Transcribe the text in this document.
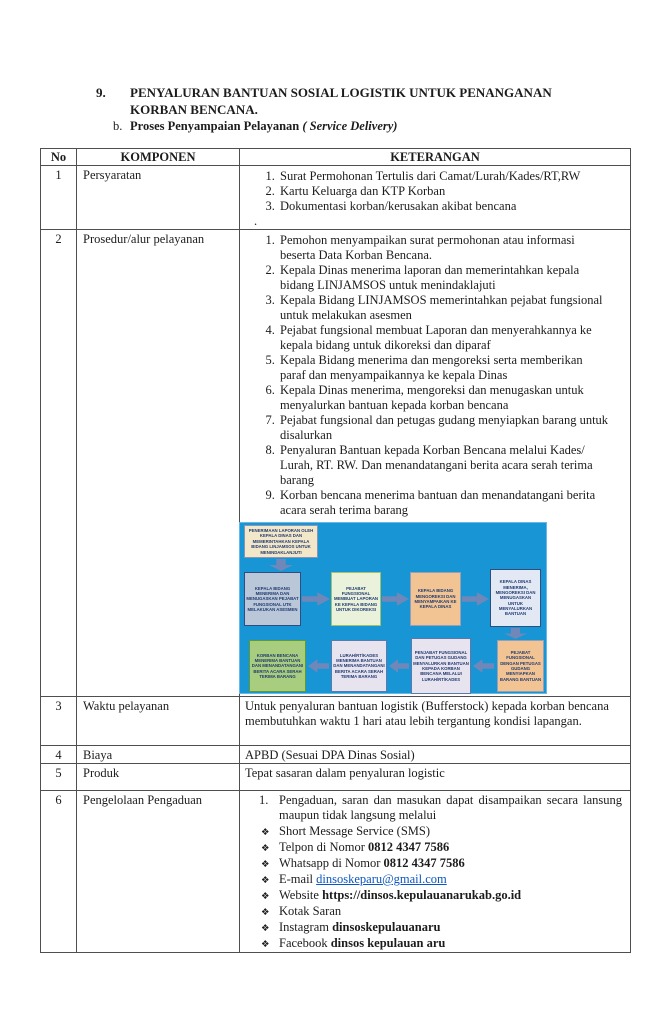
9.	PENYALURAN BANTUAN SOSIAL LOGISTIK UNTUK PENANGANAN
KORBAN BENCANA.
b. Proses Penyampaian Pelayanan ( Service Delivery)
No	KOMPONEN	KETERANGAN
1	Persyaratan	
1.Surat Permohonan Tertulis dari Camat/Lurah/Kades/RT,RW
2. Kartu Keluarga dan KTP Korban
3. Dokumentasi korban/kerusakan akibat bencana
.

2	Prosedur/alur pelayanan	
1.Pemohon menyampaikan surat permohonan atau informasi beserta Data Korban Bencana.
2. Kepala Dinas menerima laporan dan memerintahkan kepala bidang LINJAMSOS untuk menindaklajuti
3. Kepala Bidang LINJAMSOS memerintahkan pejabat fungsional untuk melakukan asesmen
4. Pejabat fungsional membuat Laporan dan menyerahkannya ke kepala bidang untuk dikoreksi dan diparaf
5. Kepala Bidang menerima dan mengoreksi serta memberikan paraf dan menyampaikannya ke kepala Dinas
6. Kepala Dinas menerima, mengoreksi dan menugaskan untuk menyalurkan bantuan kepada korban bencana
7. Pejabat fungsional dan petugas gudang menyiapkan barang untuk disalurkan
8. Penyaluran Bantuan kepada Korban Bencana melalui Kades/ Lurah, RT. RW. Dan menandatangani berita acara serah terima barang
9. Korban bencana menerima bantuan dan menandatangani berita acara serah terima barang
PENERIMAAN LAPORAN OLEH KEPALA DINAS DAN MEMERINTAHKAN KEPALA BIDANG LINJAMSOS UNTUK MENINDAKLANJUTI
KEPALA BIDANG MENERIMA DAN MENUGASKAN PEJABAT FUNGSIONAL UTK MELAKUKAN ASESMEN
PEJABAT FUNGSIONAL MEMBUAT LAPORAN KE KEPALA BIDANG UNTUK DIKOREKSI
KEPALA BIDANG MENGOREKSI DAN MENYAMPAIKAN KE KEPALA DINAS
KEPALA DINAS MENERIMA, MENGOREKSI DAN MENUGASKAN UNTUK MENYALURKAN BANTUAN
KORBAN BENCANA MENERIMA BANTUAN DAN MENANDATANGANI BERITA ACARA SERAH TERIMA BARANG
LURAH/RT/KADES MENERIMA BANTUAN DAN MENANDATANGANI BERITA ACARA SERAH TERIMA BARANG
PENJABAT FUNGSIONAL DAN PETUGAS GUDANG MENYALURKAN BANTUAN KEPADA KORBAN BENCANA MELALUI LURAH/RT/KADES
PEJABAT FUNGSIONAL DENGAN PETUGAS GUDANG MENYIAPKAN BARANG BANTUAN

3	Waktu pelayanan	Untuk penyaluran bantuan logistik (Bufferstock) kepada korban bencana membutuhkan waktu 1 hari atau lebih tergantung kondisi lapangan.

4	Biaya	APBD (Sesuai DPA Dinas Sosial)

5	Produk	Tepat sasaran dalam penyaluran logistic

6	Pengelolaan Pengaduan	1. Pengaduan, saran dan masukan dapat disampaikan secara lansung maupun tidak langsung melalui
❖ Short Message Service (SMS)
❖ Telpon di Nomor 0812 4347 7586
❖ Whatsapp di Nomor 0812 4347 7586
❖ E-mail dinsoskeparu@gmail.com
❖ Website https://dinsos.kepulauanarukab.go.id
❖ Kotak Saran
❖ Instagram dinsoskepulauanaru
❖ Facebook dinsos kepulauan aru
